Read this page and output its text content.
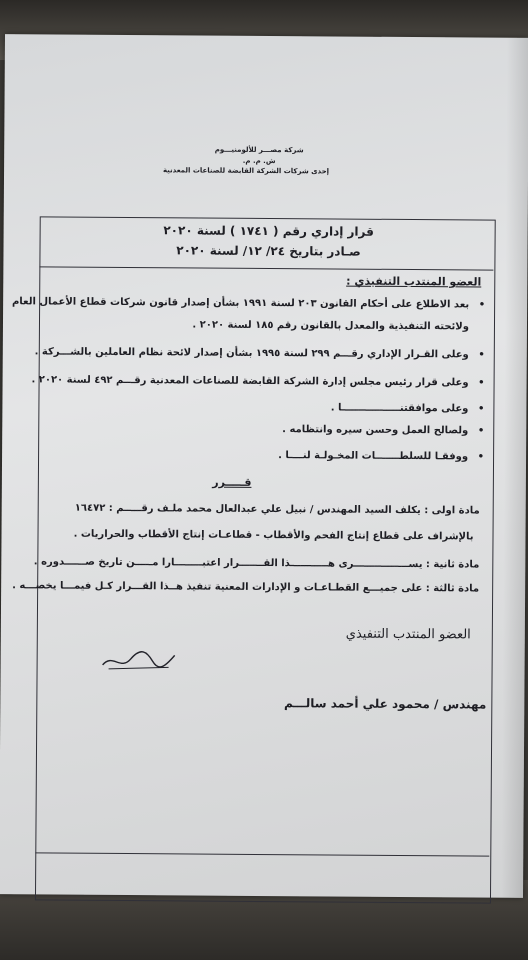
شركة مصـــر للألومنيـــوم
ش. م. م.
إحدى شركات الشركة القابضة للصناعات المعدنية
قرار إداري رقم ( ١٧٤١ ) لسنة ٢٠٢٠
صـادر بتاريخ ٢٤/ ١٢/ لسنة ٢٠٢٠
العضو المنتدب التنفيذي :
بعد الاطلاع على أحكام القانون ٢٠٣ لسنة ١٩٩١ بشأن إصدار قانون شركات قطاع الأعمال العام •
ولائحته التنفيذية والمعدل بالقانون رقم ١٨٥ لسنة ٢٠٢٠ .
وعلى القـرار الإداري رقـــم ٢٩٩ لسنة ١٩٩٥ بشأن إصدار لائحة نظام العاملين بالشـــركة . •
وعلى قرار رئيس مجلس إدارة الشركة القابضة للصناعات المعدنية رقـــم ٤٩٢ لسنة ٢٠٢٠ . •
وعلى موافقتنـــــــــــــــــا . •
ولصالح العمل وحسن سيره وانتظامه . •
ووفقـا للسلطـــــــات المخـولـة لنــــا . •
قـــــرر
مادة اولى : يكلف السيد المهندس / نبيل علي عبدالعال محمد ملـف رقـــــم : ١٦٤٧٢
بالإشراف على قطاع إنتاج الفحم والأقطاب - قطاعـات إنتاج الأقطاب والحراريات .
مادة ثانية : يســــــــــــــــرى هـــــــــــذا القـــــــرار اعتبــــــــارا مـــــن تاريخ صــــــدوره .
مادة ثالثة : على جميـــع القطـاعـات و الإدارات المعنية تنفيذ هــذا القـــرار كـل فيمـــا يخصـــه .
العضو المنتدب التنفيذي
مهندس / محمود علي أحمد سالـــم
